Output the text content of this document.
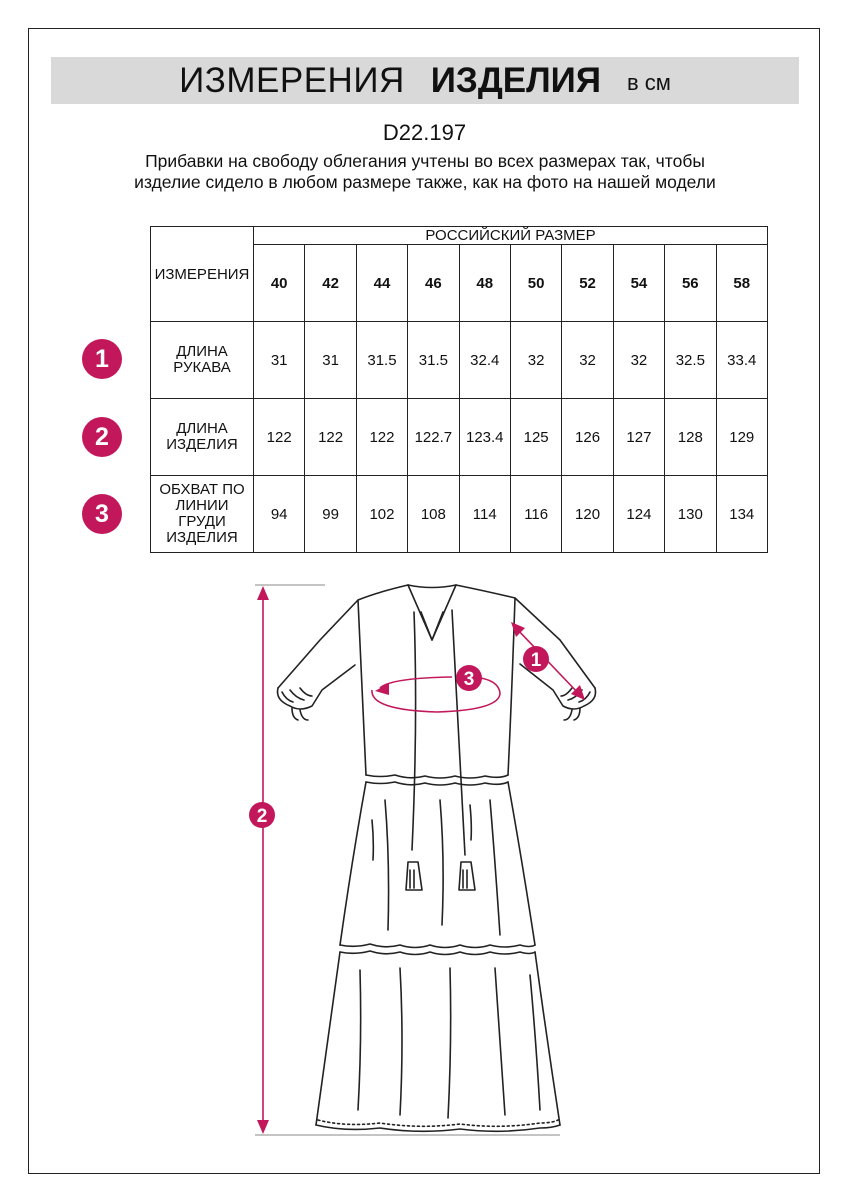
ИЗМЕРЕНИЯ ИЗДЕЛИЯ в см
D22.197
Прибавки на свободу облегания учтены во всех размерах так, чтобы изделие сидело в любом размере также, как на фото на нашей модели
ИЗМЕРЕНИЯ	РОССИЙСКИЙ РАЗМЕР									
	40	42	44	46	48	50	52	54	56	58
ДЛИНА
РУКАВА	31	31	31.5	31.5	32.4	32	32	32	32.5	33.4
ДЛИНА
ИЗДЕЛИЯ	122	122	122	122.7	123.4	125	126	127	128	129
ОБХВАТ ПО
ЛИНИИ
ГРУДИ
ИЗДЕЛИЯ	94	99	102	108	114	116	120	124	130	134
1
2
3
1
2
3
